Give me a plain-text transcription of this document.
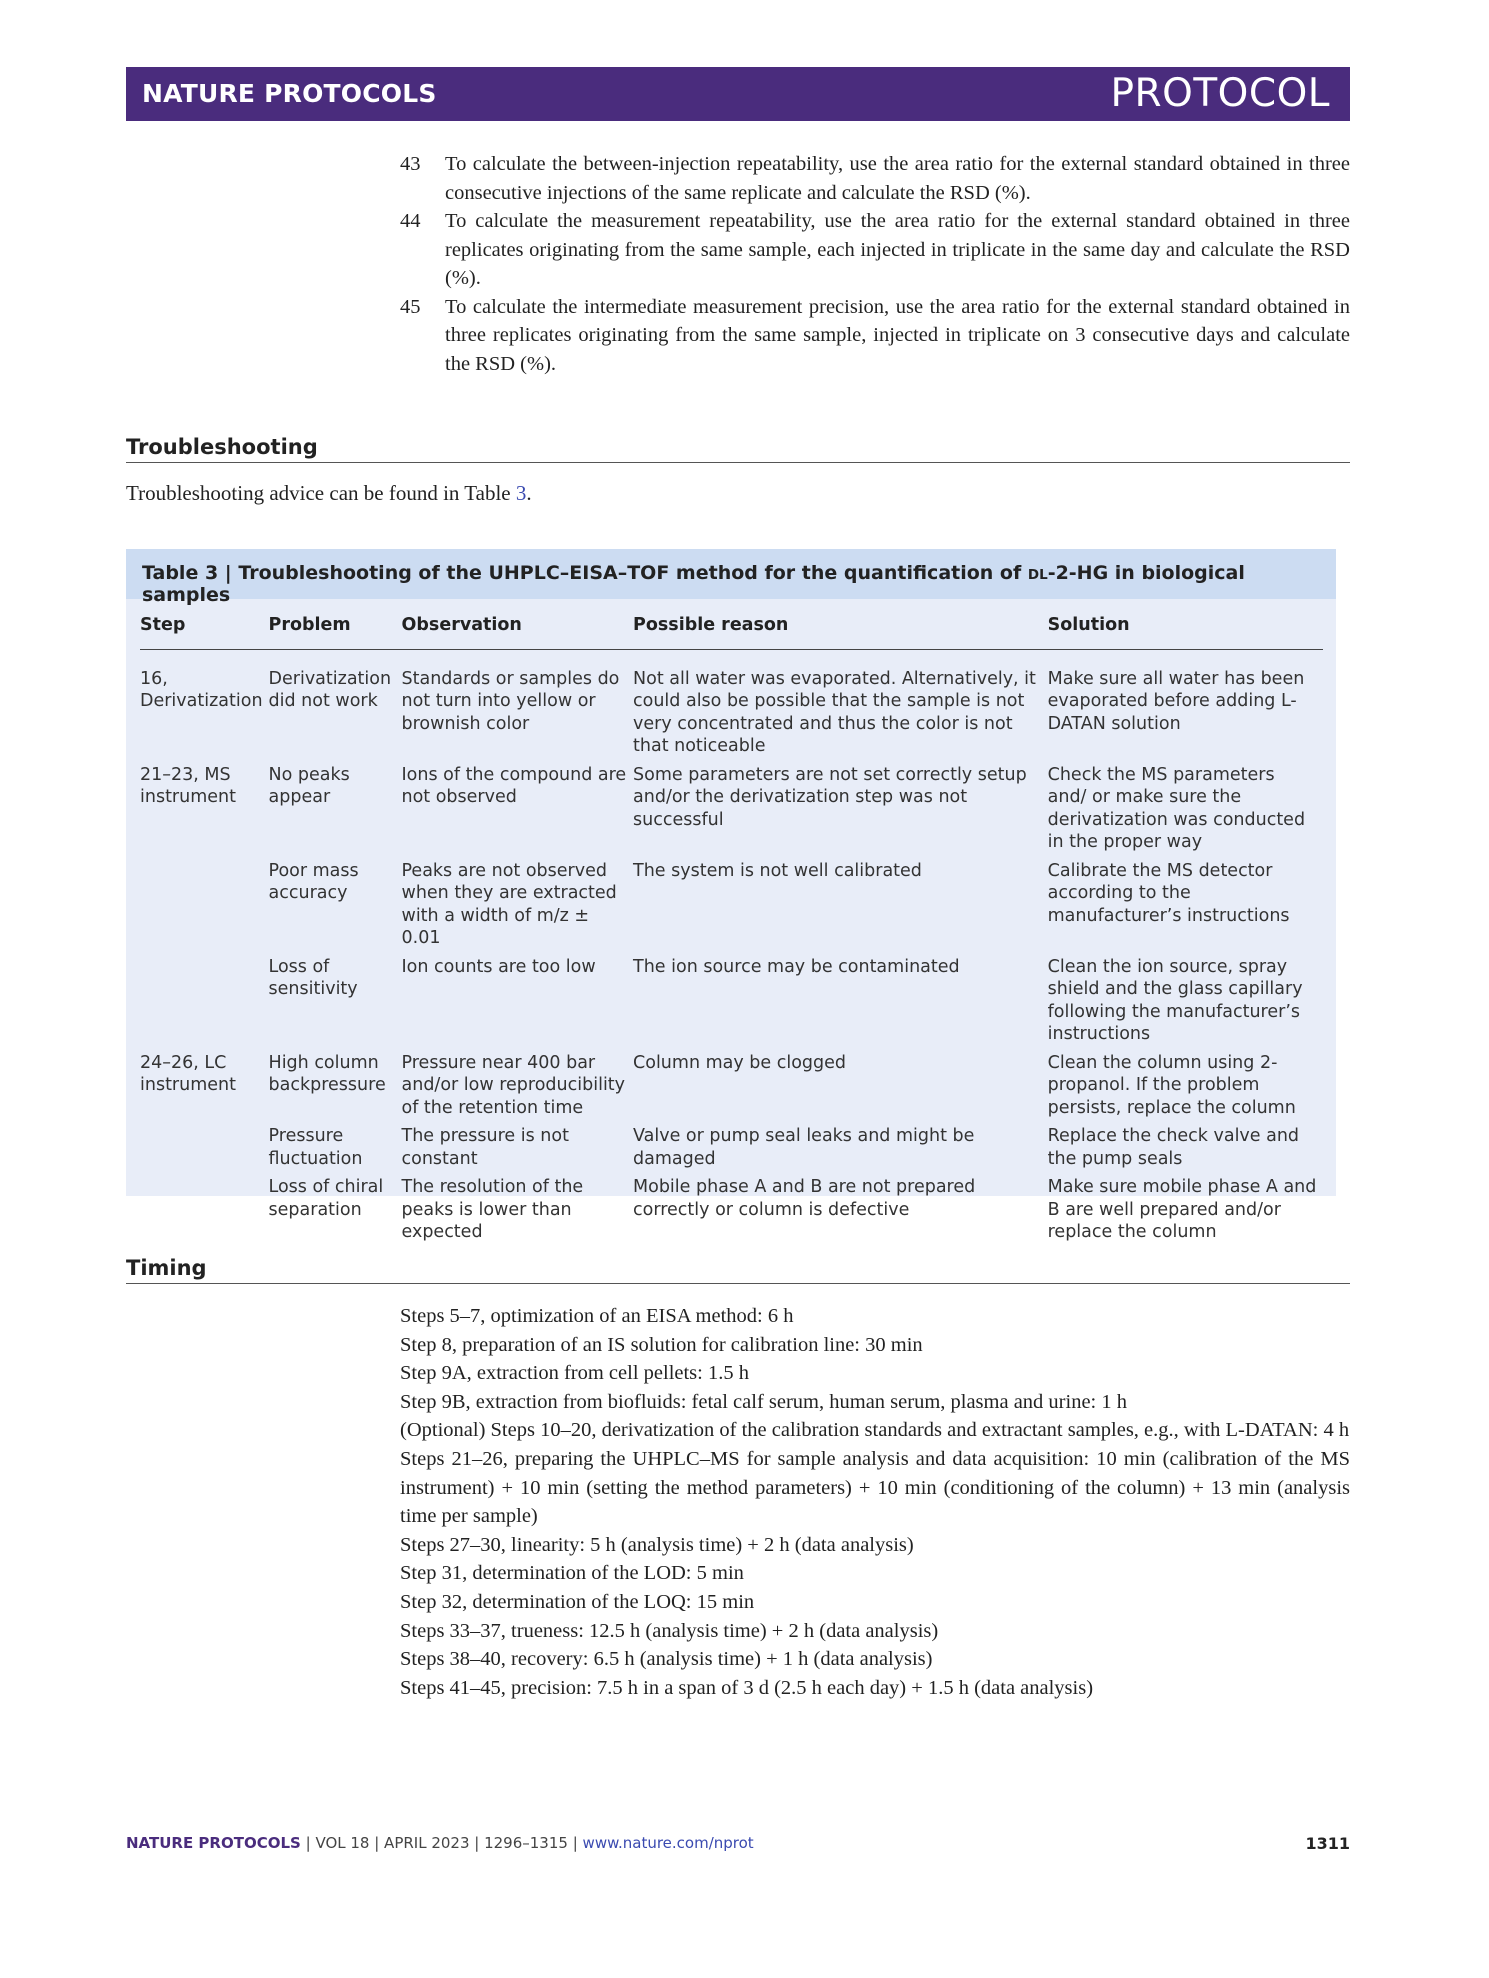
NATURE PROTOCOLS	PROTOCOL
43 To calculate the between-injection repeatability, use the area ratio for the external standard obtained in three consecutive injections of the same replicate and calculate the RSD (%).
44 To calculate the measurement repeatability, use the area ratio for the external standard obtained in three replicates originating from the same sample, each injected in triplicate in the same day and calculate the RSD (%).
45 To calculate the intermediate measurement precision, use the area ratio for the external standard obtained in three replicates originating from the same sample, injected in triplicate on 3 consecutive days and calculate the RSD (%).
Troubleshooting
Troubleshooting advice can be found in Table 3.
Table 3 | Troubleshooting of the UHPLC–EISA–TOF method for the quantification of DL-2-HG in biological samples
Step	Problem	Observation	Possible reason	Solution
16, Derivatization	Derivatization did not work	Standards or samples do not turn into yellow or brownish color	Not all water was evaporated. Alternatively, it could also be possible that the sample is not very concentrated and thus the color is not that noticeable	Make sure all water has been evaporated before adding L-DATAN solution
21–23, MS instrument	No peaks appear	Ions of the compound are not observed	Some parameters are not set correctly setup and/or the derivatization step was not successful	Check the MS parameters and/ or make sure the derivatization was conducted in the proper way
	Poor mass accuracy	Peaks are not observed when they are extracted with a width of m/z ± 0.01	The system is not well calibrated	Calibrate the MS detector according to the manufacturer’s instructions
	Loss of sensitivity	Ion counts are too low	The ion source may be contaminated	Clean the ion source, spray shield and the glass capillary following the manufacturer’s instructions
24–26, LC instrument	High column backpressure	Pressure near 400 bar and/or low reproducibility of the retention time	Column may be clogged	Clean the column using 2-propanol. If the problem persists, replace the column
	Pressure fluctuation	The pressure is not constant	Valve or pump seal leaks and might be damaged	Replace the check valve and the pump seals
	Loss of chiral separation	The resolution of the peaks is lower than expected	Mobile phase A and B are not prepared correctly or column is defective	Make sure mobile phase A and B are well prepared and/or replace the column
Timing
Steps 5–7, optimization of an EISA method: 6 h
Step 8, preparation of an IS solution for calibration line: 30 min
Step 9A, extraction from cell pellets: 1.5 h
Step 9B, extraction from biofluids: fetal calf serum, human serum, plasma and urine: 1 h
(Optional) Steps 10–20, derivatization of the calibration standards and extractant samples, e.g., with L-DATAN: 4 h
Steps 21–26, preparing the UHPLC–MS for sample analysis and data acquisition: 10 min (calibration of the MS instrument) + 10 min (setting the method parameters) + 10 min (conditioning of the column) + 13 min (analysis time per sample)
Steps 27–30, linearity: 5 h (analysis time) + 2 h (data analysis)
Step 31, determination of the LOD: 5 min
Step 32, determination of the LOQ: 15 min
Steps 33–37, trueness: 12.5 h (analysis time) + 2 h (data analysis)
Steps 38–40, recovery: 6.5 h (analysis time) + 1 h (data analysis)
Steps 41–45, precision: 7.5 h in a span of 3 d (2.5 h each day) + 1.5 h (data analysis)
NATURE PROTOCOLS | VOL 18 | APRIL 2023 | 1296–1315 | www.nature.com/nprot	1311
